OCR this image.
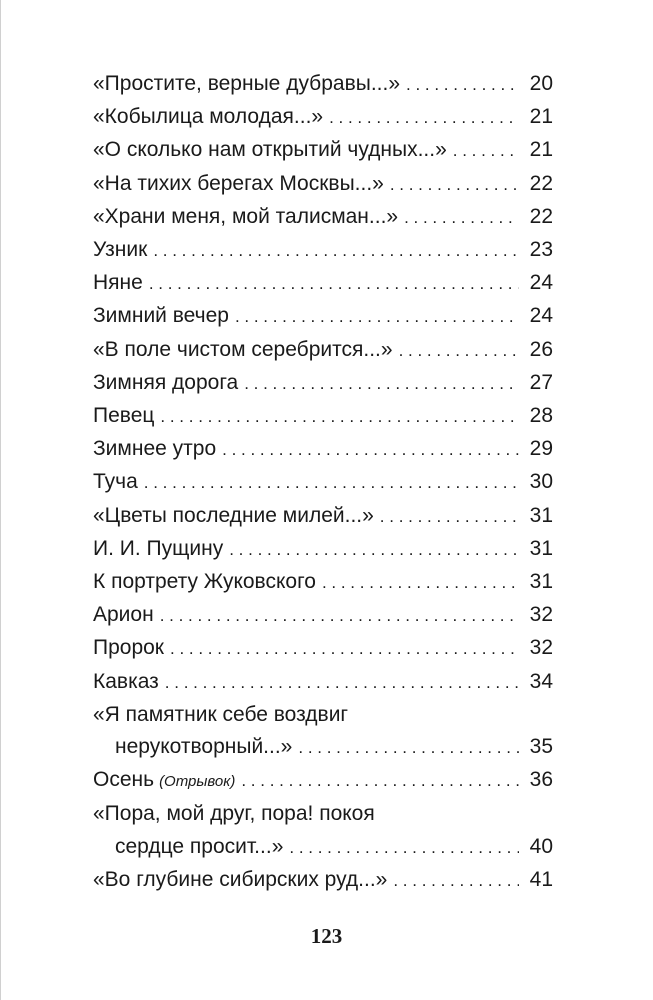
«Простите, верные дубравы...» . . .	20
«Кобылица молодая...» . . .	21
«О сколько нам открытий чудных...» . . .	21
«На тихих берегах Москвы...» . . .	22
«Храни меня, мой талисман...» . . .	22
Узник . . .	23
Няне . . .	24
Зимний вечер . . .	24
«В поле чистом серебрится...» . . .	26
Зимняя дорога . . .	27
Певец . . .	28
Зимнее утро . . .	29
Туча . . .	30
«Цветы последние милей...» . . .	31
И. И. Пущину . . .	31
К портрету Жуковского . . .	31
Арион . . .	32
Пророк . . .	32
Кавказ . . .	34
«Я памятник себе воздвиг
нерукотворный...» . . .	35
Осень (Отрывок) . . .	36
«Пора, мой друг, пора! покоя
сердце просит...» . . .	40
«Во глубине сибирских руд...» . . .	41
123
